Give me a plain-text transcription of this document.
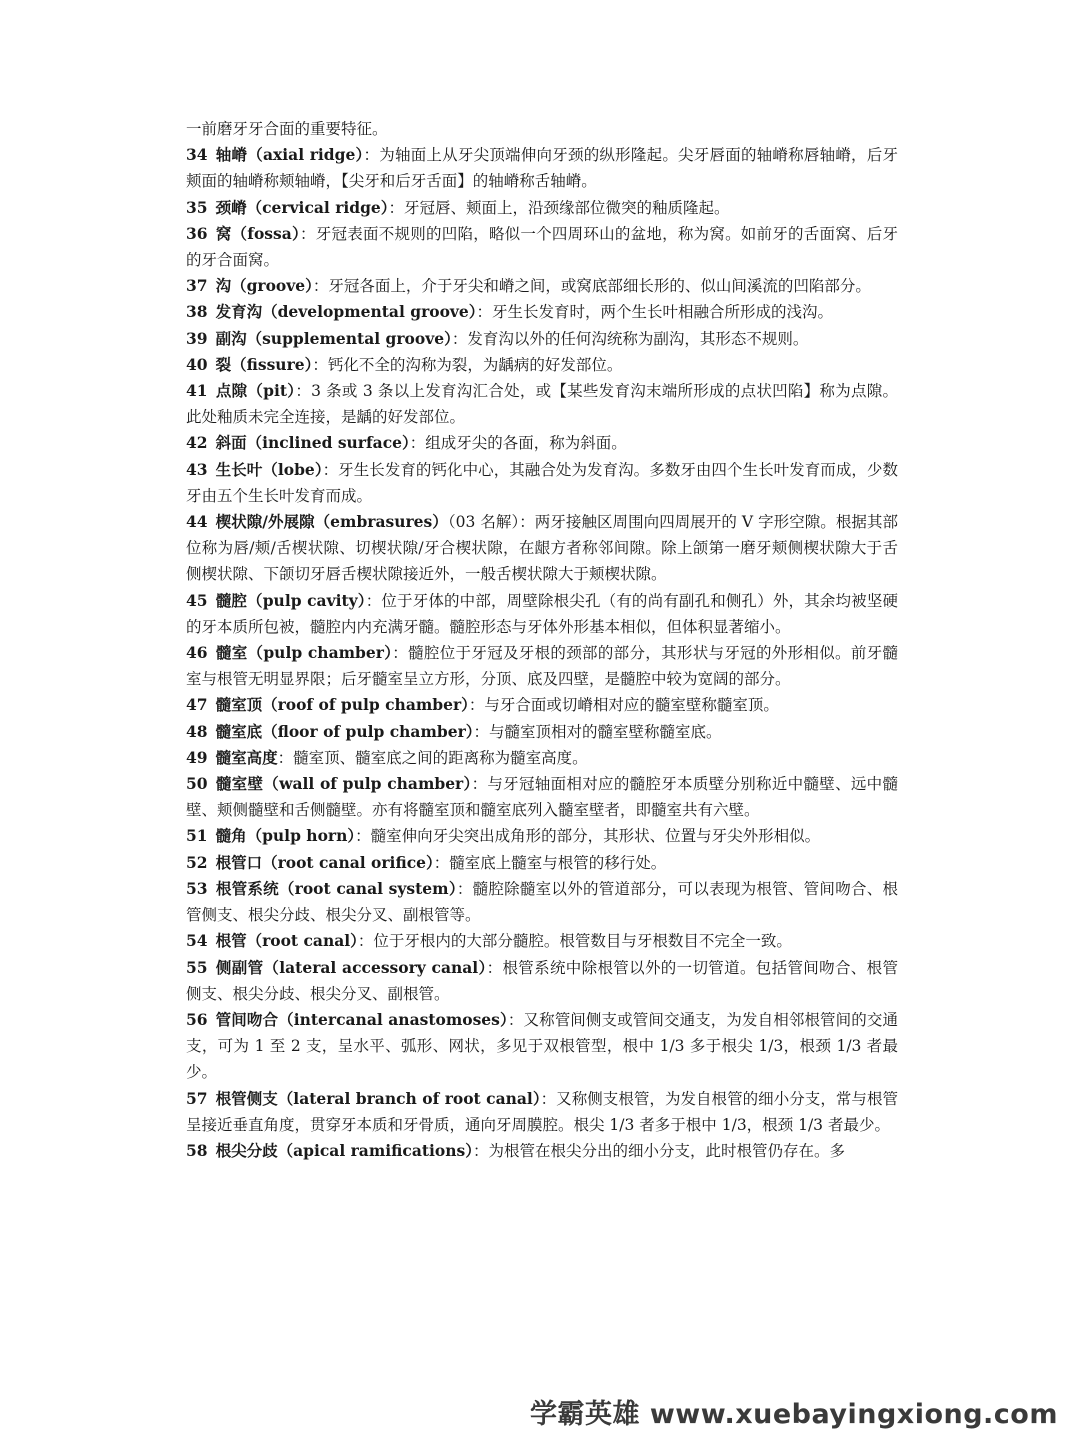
一前磨牙牙合面的重要特征。

34 轴嵴（axial ridge）：为轴面上从牙尖顶端伸向牙颈的纵形隆起。尖牙唇面的轴嵴称唇轴嵴，后牙颊面的轴嵴称颊轴嵴，【尖牙和后牙舌面】的轴嵴称舌轴嵴。

35 颈嵴（cervical ridge）：牙冠唇、颊面上，沿颈缘部位微突的釉质隆起。

36 窝（fossa）：牙冠表面不规则的凹陷，略似一个四周环山的盆地，称为窝。如前牙的舌面窝、后牙的牙合面窝。

37 沟（groove）：牙冠各面上，介于牙尖和嵴之间，或窝底部细长形的、似山间溪流的凹陷部分。

38 发育沟（developmental groove）：牙生长发育时，两个生长叶相融合所形成的浅沟。

39 副沟（supplemental groove）：发育沟以外的任何沟统称为副沟，其形态不规则。

40 裂（fissure）：钙化不全的沟称为裂，为龋病的好发部位。

41 点隙（pit）：3 条或 3 条以上发育沟汇合处，或【某些发育沟末端所形成的点状凹陷】称为点隙。此处釉质未完全连接，是龋的好发部位。

42 斜面（inclined surface）：组成牙尖的各面，称为斜面。

43 生长叶（lobe）：牙生长发育的钙化中心，其融合处为发育沟。多数牙由四个生长叶发育而成，少数牙由五个生长叶发育而成。

44 楔状隙/外展隙（embrasures）（03 名解）：两牙接触区周围向四周展开的 V 字形空隙。根据其部位称为唇/颊/舌楔状隙、切楔状隙/牙合楔状隙，在龈方者称邻间隙。除上颌第一磨牙颊侧楔状隙大于舌侧楔状隙、下颌切牙唇舌楔状隙接近外，一般舌楔状隙大于颊楔状隙。

45 髓腔（pulp cavity）：位于牙体的中部，周壁除根尖孔（有的尚有副孔和侧孔）外，其余均被坚硬的牙本质所包被，髓腔内内充满牙髓。髓腔形态与牙体外形基本相似，但体积显著缩小。

46 髓室（pulp chamber）：髓腔位于牙冠及牙根的颈部的部分，其形状与牙冠的外形相似。前牙髓室与根管无明显界限；后牙髓室呈立方形，分顶、底及四壁，是髓腔中较为宽阔的部分。

47 髓室顶（roof of pulp chamber）：与牙合面或切嵴相对应的髓室壁称髓室顶。

48 髓室底（floor of pulp chamber）：与髓室顶相对的髓室壁称髓室底。

49 髓室高度：髓室顶、髓室底之间的距离称为髓室高度。

50 髓室壁（wall of pulp chamber）：与牙冠轴面相对应的髓腔牙本质壁分别称近中髓壁、远中髓壁、颊侧髓壁和舌侧髓壁。亦有将髓室顶和髓室底列入髓室壁者，即髓室共有六壁。

51 髓角（pulp horn）：髓室伸向牙尖突出成角形的部分，其形状、位置与牙尖外形相似。

52 根管口（root canal orifice）：髓室底上髓室与根管的移行处。

53 根管系统（root canal system）：髓腔除髓室以外的管道部分，可以表现为根管、管间吻合、根管侧支、根尖分歧、根尖分叉、副根管等。

54 根管（root canal）：位于牙根内的大部分髓腔。根管数目与牙根数目不完全一致。

55 侧副管（lateral accessory canal）：根管系统中除根管以外的一切管道。包括管间吻合、根管侧支、根尖分歧、根尖分叉、副根管。

56 管间吻合（intercanal anastomoses）：又称管间侧支或管间交通支，为发自相邻根管间的交通支，可为 1 至 2 支，呈水平、弧形、网状，多见于双根管型，根中 1/3 多于根尖 1/3，根颈 1/3 者最少。

57 根管侧支（lateral branch of root canal）：又称侧支根管，为发自根管的细小分支，常与根管呈接近垂直角度，贯穿牙本质和牙骨质，通向牙周膜腔。根尖 1/3 者多于根中 1/3，根颈 1/3 者最少。

58 根尖分歧（apical ramifications）：为根管在根尖分出的细小分支，此时根管仍存在。多

学霸英雄 www.xuebayingxiong.com
